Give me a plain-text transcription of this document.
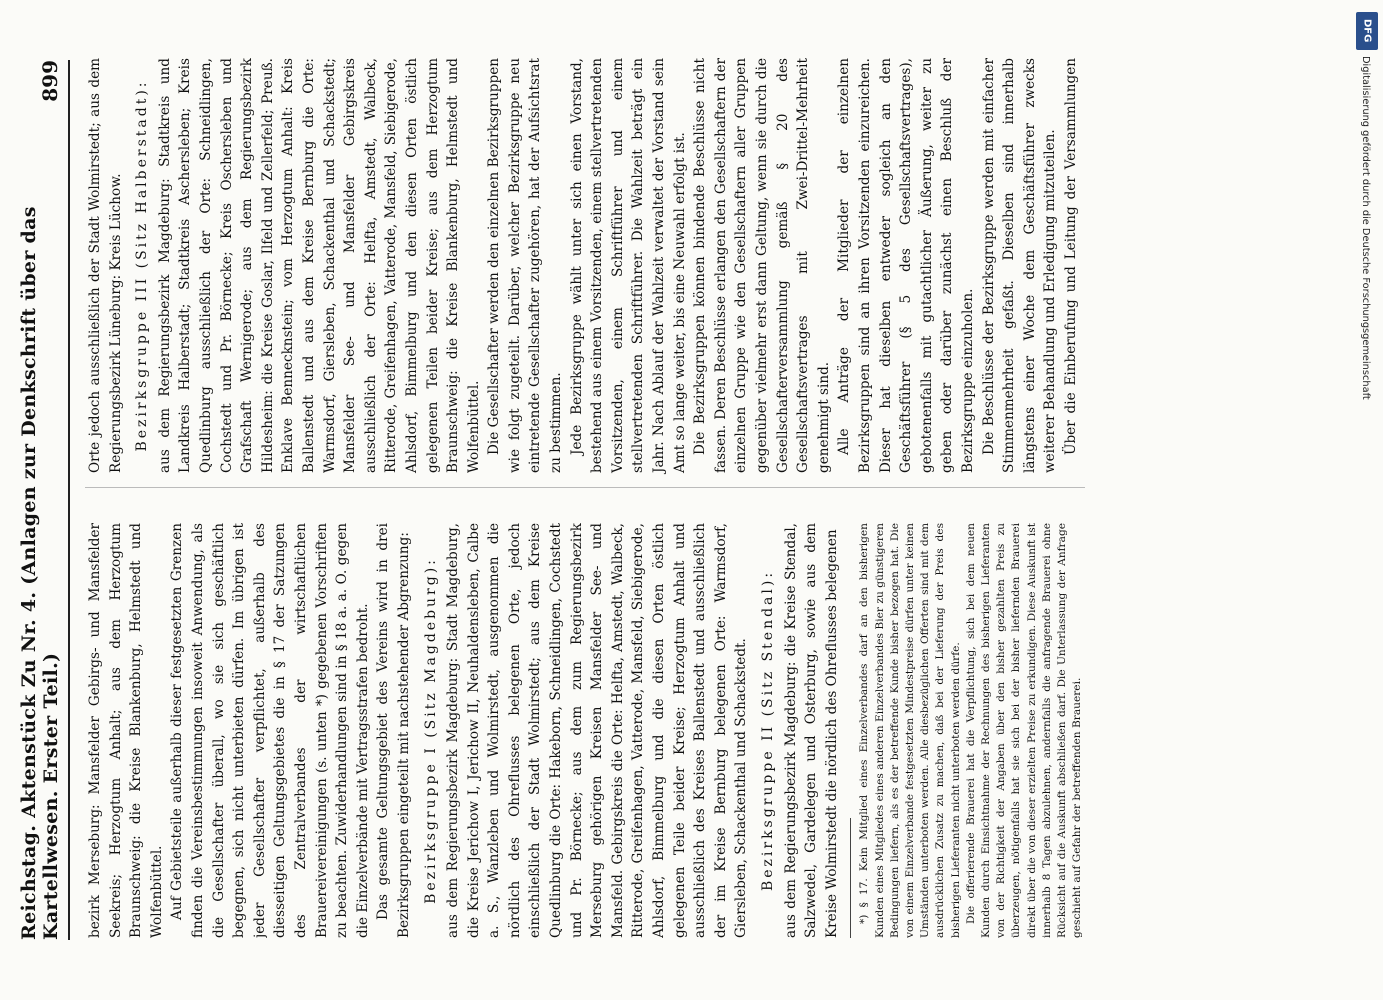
Reichstag. Aktenstück Zu Nr. 4. (Anlagen zur Denkschrift über das Kartellwesen. Erster Teil.)
899

bezirk Merseburg: Mansfelder Gebirgs- und Mansfelder Seekreis; Herzogtum Anhalt; aus dem Herzogtum Braunschweig: die Kreise Blankenburg, Helmstedt und Wolfenbüttel. Auf Gebietsteile außerhalb dieser festgesetzten Grenzen finden die Vereinsbestimmungen insoweit Anwendung, als die Gesellschafter überall, wo sie sich geschäftlich begegnen, sich nicht unterbieten dürfen. Im übrigen ist jeder Gesellschafter verpflichtet, außerhalb des diesseitigen Geltungsgebietes die in § 17 der Satzungen des Zentralverbandes der wirtschaftlichen Brauereivereinigungen (s. unten *) gegebenen Vorschriften zu beachten. Zuwiderhandlungen sind in § 18 a. a. O. gegen die Einzelverbände mit Vertragsstrafen bedroht. Das gesamte Geltungsgebiet des Vereins wird in drei Bezirksgruppen eingeteilt mit nachstehender Abgrenzung: Bezirksgruppe I (Sitz Magdeburg): aus dem Regierungsbezirk Magdeburg: Stadt Magdeburg, die Kreise Jerichow I, Jerichow II, Neuhaldensleben, Calbe a. S., Wanzleben und Wolmirstedt, ausgenommen die nördlich des Ohreflusses belegenen Orte, jedoch einschließlich der Stadt Wolmirstedt; aus dem Kreise Quedlinburg die Orte: Hakeborn, Schneidlingen, Cochstedt und Pr. Börnecke; aus dem zum Regierungsbezirk Merseburg gehörigen Kreisen Mansfelder See- und Mansfeld. Gebirgskreis die Orte: Helfta, Amstedt, Walbeck, Ritterode, Greifenhagen, Vatterode, Mansfeld, Siebigerode, Ahlsdorf, Bimmelburg und die diesen Orten östlich gelegenen Teile beider Kreise; Herzogtum Anhalt und ausschließlich des Kreises Ballenstedt und ausschließlich der im Kreise Bernburg belegenen Orte: Warmsdorf, Giersleben, Schackenthal und Schackstedt. Bezirksgruppe II (Sitz Stendal): aus dem Regierungsbezirk Magdeburg: die Kreise Stendal, Salzwedel, Gardelegen und Osterburg, sowie aus dem Kreise Wolmirstedt die nördlich des Ohreflusses belegenen *) § 17. Kein Mitglied eines Einzelverbandes darf an den bisherigen Kunden eines Mitgliedes eines anderen Einzelverbandes Bier zu günstigeren Bedingungen liefern, als es der betreffende Kunde bisher bezogen hat. Die von einem Einzelverbande festgesetzten Mindestpreise dürfen unter keinen Umständen unterboten werden. Alle diesbezüglichen Offerten sind mit dem ausdrücklichen Zusatz zu machen, daß bei der Lieferung der Preis des bisherigen Lieferanten nicht unterboten werden dürfe. Die offerierende Brauerei hat die Verpflichtung, sich bei dem neuen Kunden durch Einsichtnahme der Rechnungen des bisherigen Lieferanten von der Richtigkeit der Angaben über den bisher gezahlten Preis zu überzeugen, nötigenfalls hat sie sich bei der bisher liefernden Brauerei direkt über die von dieser erzielten Preise zu erkundigen. Diese Auskunft ist innerhalb 8 Tagen abzulehnen, andernfalls die anfragende Brauerei ohne Rücksicht auf die Auskunft abschließen darf. Die Unterlassung der Anfrage geschieht auf Gefahr der betreffenden Brauerei.

Orte jedoch ausschließlich der Stadt Wolmirstedt; aus dem Regierungsbezirk Lüneburg: Kreis Lüchow. Bezirksgruppe III (Sitz Halberstadt): aus dem Regierungsbezirk Magdeburg: Stadtkreis und Landkreis Halberstadt; Stadtkreis Aschersleben; Kreis Quedlinburg ausschließlich der Orte: Schneidlingen, Cochstedt und Pr. Börnecke; Kreis Oschersleben und Grafschaft Wernigerode; aus dem Regierungsbezirk Hildesheim: die Kreise Goslar, Ilfeld und Zellerfeld; Preuß. Enklave Bennecknstein; vom Herzogtum Anhalt: Kreis Ballenstedt und aus dem Kreise Bernburg die Orte: Warmsdorf, Giersleben, Schackenthal und Schackstedt; Mansfelder See- und Mansfelder Gebirgskreis ausschließlich der Orte: Helfta, Amstedt, Walbeck, Ritterode, Greifenhagen, Vatterode, Mansfeld, Siebigerode, Ahlsdorf, Bimmelburg und den diesen Orten östlich gelegenen Teilen beider Kreise; aus dem Herzogtum Braunschweig: die Kreise Blankenburg, Helmstedt und Wolfenbüttel. Die Gesellschafter werden den einzelnen Bezirksgruppen wie folgt zugeteilt. Darüber, welcher Bezirksgruppe neu eintretende Gesellschafter zugehören, hat der Aufsichtsrat zu bestimmen. Jede Bezirksgruppe wählt unter sich einen Vorstand, bestehend aus einem Vorsitzenden, einem stellvertretenden Vorsitzenden, einem Schriftführer und einem stellvertretenden Schriftführer. Die Wahlzeit beträgt ein Jahr. Nach Ablauf der Wahlzeit verwaltet der Vorstand sein Amt so lange weiter, bis eine Neuwahl erfolgt ist. Die Bezirksgruppen können bindende Beschlüsse nicht fassen. Deren Beschlüsse erlangen den Gesellschaftern der einzelnen Gruppe wie den Gesellschaftern aller Gruppen gegenüber vielmehr erst dann Geltung, wenn sie durch die Gesellschafterversammlung gemäß § 20 des Gesellschaftsvertrages mit Zwei-Drittel-Mehrheit genehmigt sind. Alle Anträge der Mitglieder der einzelnen Bezirksgruppen sind an ihren Vorsitzenden einzureichen. Dieser hat dieselben entweder sogleich an den Geschäftsführer (§ 5 des Gesellschaftsvertrages), gebotenenfalls mit gutachtlicher Äußerung, weiter zu geben oder darüber zunächst einen Beschluß der Bezirksgruppe einzuholen. Die Beschlüsse der Bezirksgruppe werden mit einfacher Stimmenmehrheit gefaßt. Dieselben sind innerhalb längstens einer Woche dem Geschäftsführer zwecks weiterer Behandlung und Erledigung mitzuteilen. Über die Einberufung und Leitung der Versammlungen

DFG
Digitalisierung gefördert durch die Deutsche Forschungsgemeinschaft
